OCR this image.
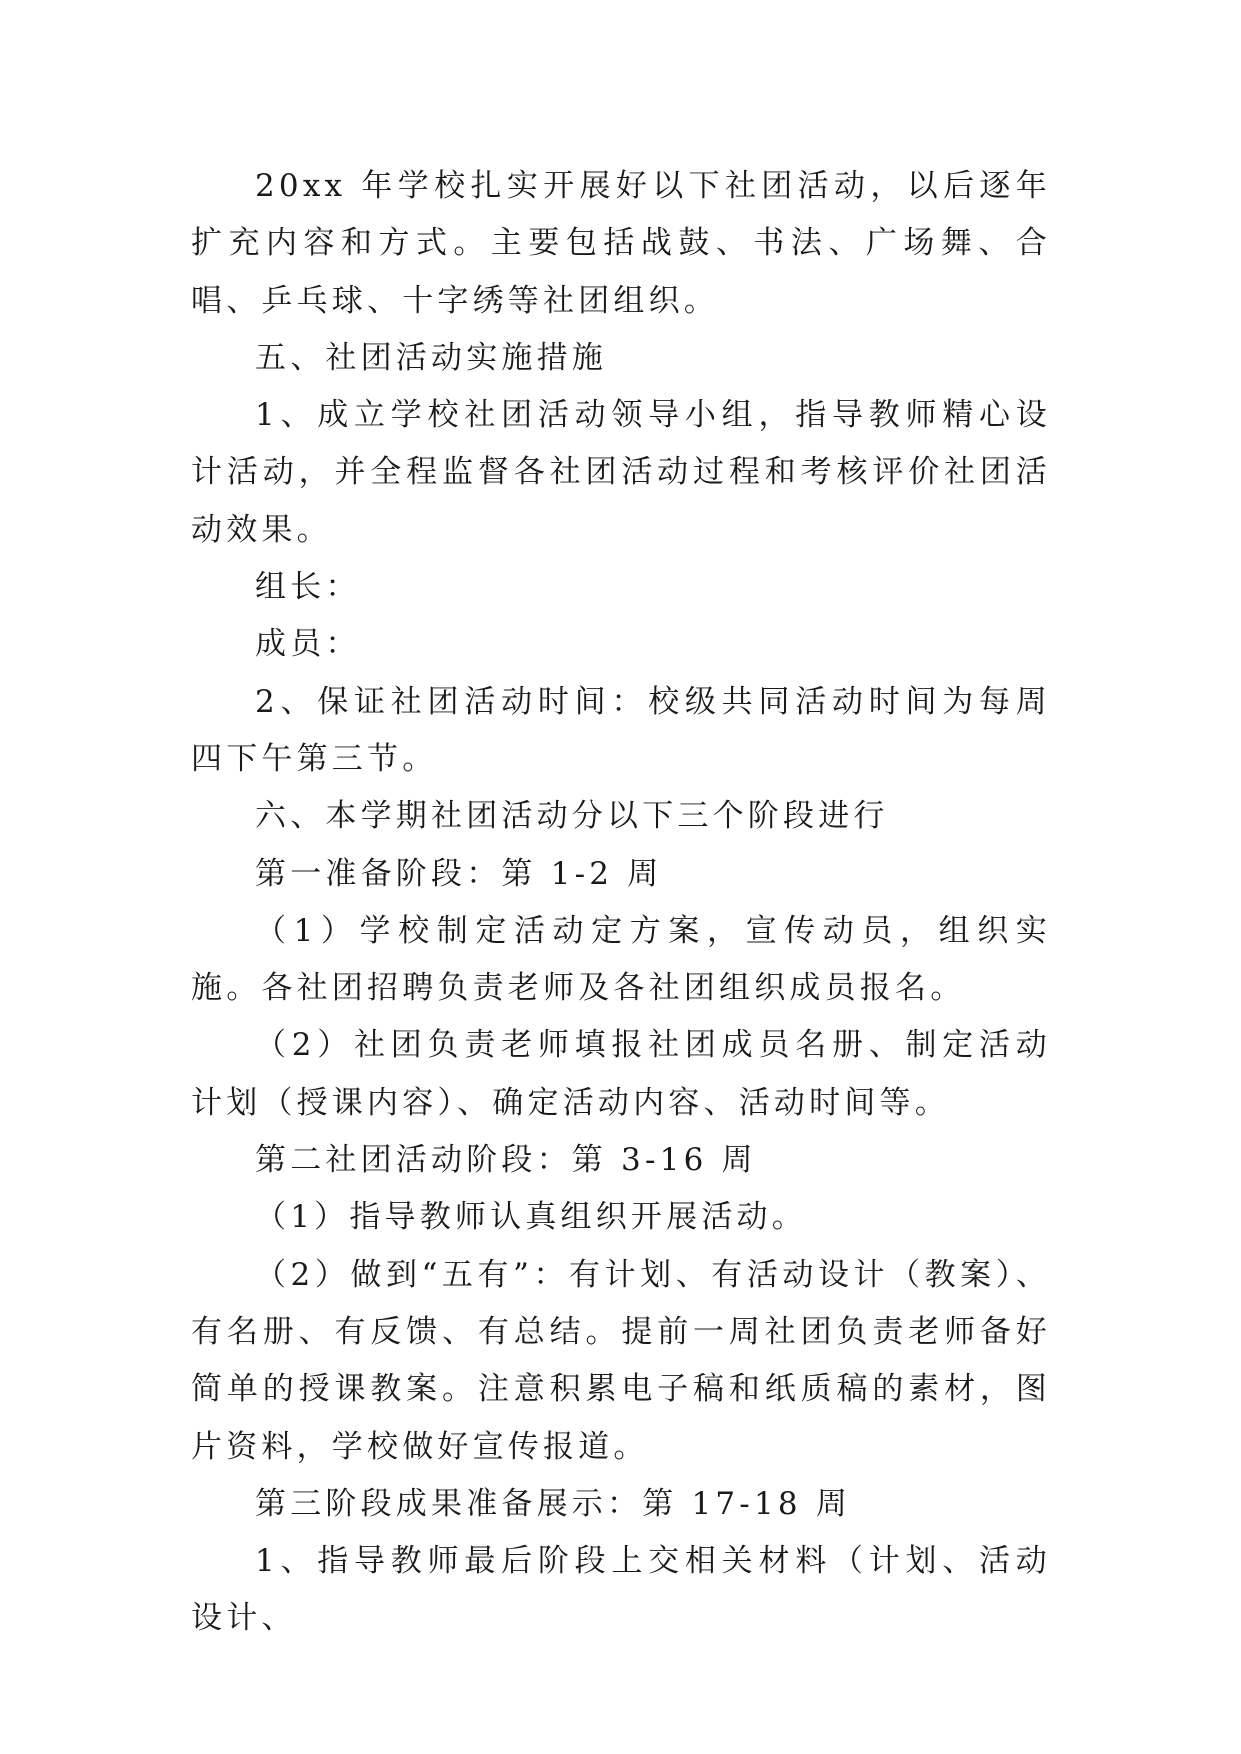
20xx 年学校扎实开展好以下社团活动，以后逐年扩充内容和方式。主要包括战鼓、书法、广场舞、合唱、乒乓球、十字绣等社团组织。

五、社团活动实施措施

1、成立学校社团活动领导小组，指导教师精心设计活动，并全程监督各社团活动过程和考核评价社团活动效果。

组长：

成员：

2、保证社团活动时间：校级共同活动时间为每周四下午第三节。

六、本学期社团活动分以下三个阶段进行

第一准备阶段：第 1-2 周

（1）学校制定活动定方案，宣传动员，组织实施。各社团招聘负责老师及各社团组织成员报名。

（2）社团负责老师填报社团成员名册、制定活动计划（授课内容）、确定活动内容、活动时间等。

第二社团活动阶段：第 3-16 周

（1）指导教师认真组织开展活动。

（2）做到“五有”：有计划、有活动设计（教案）、有名册、有反馈、有总结。提前一周社团负责老师备好简单的授课教案。注意积累电子稿和纸质稿的素材，图片资料，学校做好宣传报道。

第三阶段成果准备展示：第 17-18 周

1、指导教师最后阶段上交相关材料（计划、活动设计、
